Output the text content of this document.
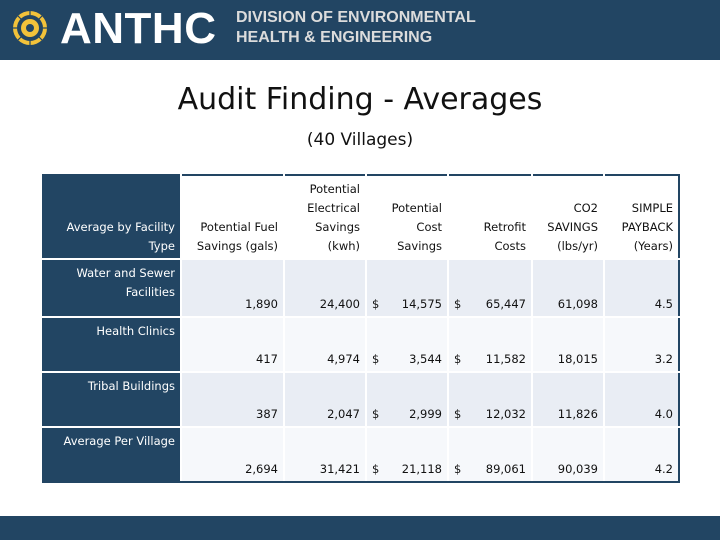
ANTHC DIVISION OF ENVIRONMENTAL
HEALTH & ENGINEERING
Audit Finding - Averages
(40 Villages)
Average by Facility Type	Potential Fuel Savings (gals)	Potential Electrical Savings (kwh)	Potential Cost Savings	Retrofit Costs	CO2 SAVINGS (lbs/yr)	SIMPLE PAYBACK (Years)
Water and Sewer Facilities	1,890	24,400	$ 14,575	$ 65,447	61,098	4.5
Health Clinics	417	4,974	$ 3,544	$ 11,582	18,015	3.2
Tribal Buildings	387	2,047	$ 2,999	$ 12,032	11,826	4.0
Average Per Village	2,694	31,421	$ 21,118	$ 89,061	90,039	4.2
